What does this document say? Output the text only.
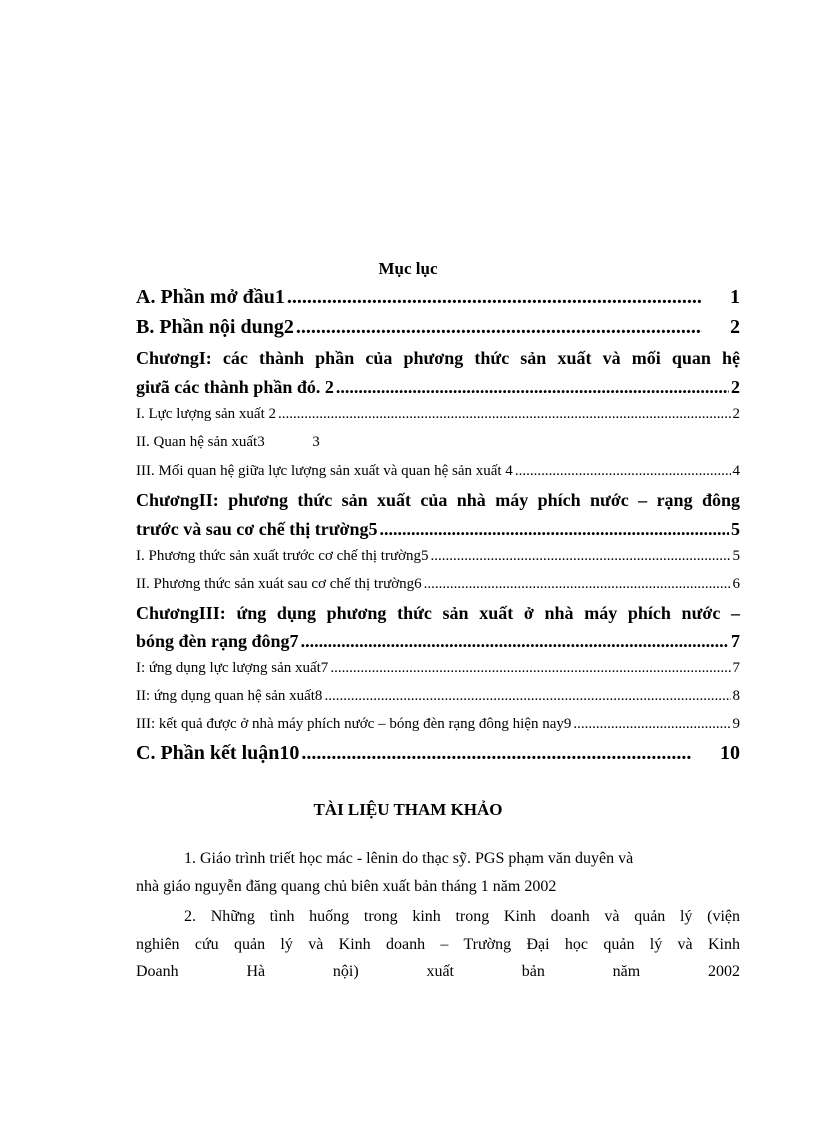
Mục lục
A. Phần mở đầu1 .....	1
B. Phần nội dung2 .....	2
ChươngI: các thành phần của phương thức sản xuất và mối quan hệ
giưã các thành phần đó. 2 .....	2
I. Lực lượng sản xuất 2 .....	2
II. Quan hệ sản xuất3	3
III. Mối quan hệ giữa lực lượng sản xuất và quan hệ sản xuất 4 .....	4
ChươngII: phương thức sản xuất của nhà máy phích nước – rạng đông
trước và sau cơ chế thị trường5 .....	5
I. Phương thức sản xuất trước cơ chế thị trường5 .....	5
II. Phương thức sản xuát sau cơ chế thị trường6 .....	6
ChươngIII: ứng dụng phương thức sản xuất ở nhà máy phích nước –
bóng đèn rạng đông7 .....	7
I: ứng dụng lực lượng sản xuất7 .....	7
II: ứng dụng quan hệ sản xuất8 .....	8
III: kết quả được ở nhà máy phích nước – bóng đèn rạng đông hiện nay9 .....	9
C. Phần kết luận10 .....	10
TÀI LIỆU THAM KHẢO
1. Giáo trình triết học mác - lênin do thạc sỹ. PGS phạm văn duyên và
nhà giáo nguyễn đăng quang chủ biên xuất bản tháng 1 năm 2002
2. Những tình huống trong kinh trong Kinh doanh và quản lý (viện
nghiên cứu quản lý và Kinh doanh – Trường Đại học quản lý và Kinh
Doanh Hà nội) xuất bản năm 2002
